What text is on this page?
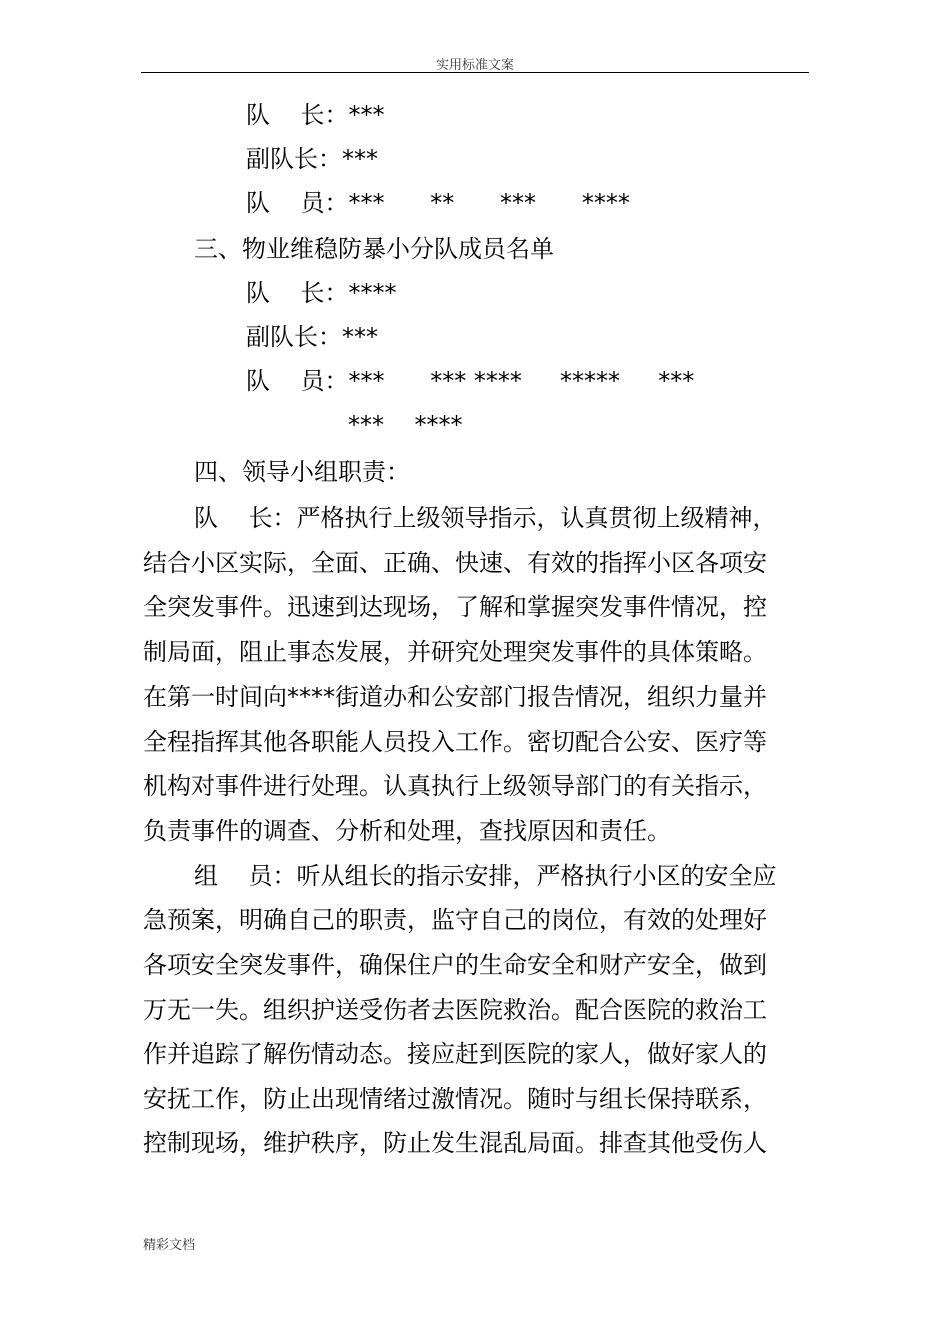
实用标准文案
队    长：***
副队长：***
队    员：***      **      ***      ****
三、物业维稳防暴小分队成员名单
队    长：****
副队长：***
队    员：***      *** ****     *****     ***
***    ****
四、领导小组职责：
队    长：严格执行上级领导指示，认真贯彻上级精神，
结合小区实际，全面、正确、快速、有效的指挥小区各项安
全突发事件。迅速到达现场，了解和掌握突发事件情况，控
制局面，阻止事态发展，并研究处理突发事件的具体策略。
在第一时间向****街道办和公安部门报告情况，组织力量并
全程指挥其他各职能人员投入工作。密切配合公安、医疗等
机构对事件进行处理。认真执行上级领导部门的有关指示，
负责事件的调查、分析和处理，查找原因和责任。
组    员：听从组长的指示安排，严格执行小区的安全应
急预案，明确自己的职责，监守自己的岗位，有效的处理好
各项安全突发事件，确保住户的生命安全和财产安全，做到
万无一失。组织护送受伤者去医院救治。配合医院的救治工
作并追踪了解伤情动态。接应赶到医院的家人，做好家人的
安抚工作，防止出现情绪过激情况。随时与组长保持联系，
控制现场，维护秩序，防止发生混乱局面。排查其他受伤人
精彩文档
